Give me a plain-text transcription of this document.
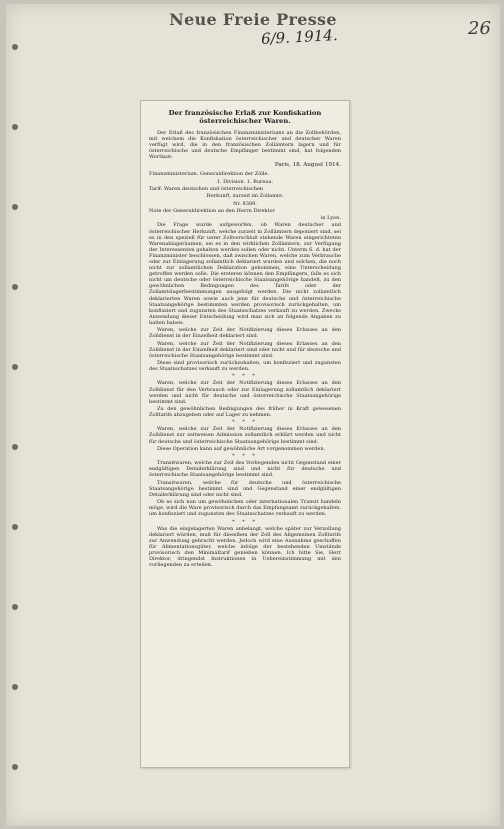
Neue Freie Presse
6/9. 1914.	26
Der französische Erlaß zur Konfiskation
österreichischer Waren.

Der Erlaß des französischen Finanzministeriums an die Zollbehörden, mit welchem die Konfiskation österreichischer und deutscher Waren verfügt wird, die in den französischen Zollämtern lagern und für österreichische und deutsche Empfänger bestimmt sind, hat folgenden Wortlaut:

Paris, 18. August 1914.

Finanzministerium. Generaldirektion der Zölle.

1. Division. 1. Bureau.

Tarif: Waren deutschen und österreichischen

Herkunft, zurzeit im Zollamte.

Nr. 8389.

Note der Generaldirektion an den Herrn Direktor

in Lyon.

Die Frage wurde aufgeworfen, ob Waren deutscher und österreichischer Herkunft, welche zurzeit in Zollämtern deponiert sind, sei es in den speziell für unter Zollverschluß stehende Waren eingerichteten Warenablageräumen, sei es in den wirklichen Zollämtern, zur Verfügung der Interessenten gehalten werden sollen oder nicht. Unterm 6. d. hat der Finanzminister beschlossen, daß zwischen Waren, welche zum Verbrauche oder zur Einlagerung zollamtlich deklariert wurden und solchen, die noch nicht zur zollamtlichen Deklaration gekommen, eine Unterscheidung getroffen werden solle. Die ersteren können den Empfängern, falls es sich nicht um deutsche oder österreichische Staatsangehörige handelt, zu den gewöhnlichen Bedingungen des Tarifs oder der Zollamtslagerbestimmungen ausgefolgt werden. Die nicht zollamtlich deklarierten Waren sowie auch jene für deutsche und österreichische Staatsangehörige bestimmten werden provisorisch zurückgehalten, um konfisziert und zugunsten des Staatsschatzes verkauft zu werden. Zwecks Anwendung dieser Entscheidung wird man sich an folgende Angaben zu halten haben:

Waren, welche zur Zeit der Notifizierung dieses Erlasses an den Zolldienst in der Einzelheit deklariert sind.

Waren, welche zur Zeit der Notifizierung dieses Erlasses an den Zolldienst in der Einzelheit deklariert sind oder nicht und für deutsche und österreichische Staatsangehörige bestimmt sind.

Diese sind provisorisch zurückzuhalten, um konfisziert und zugunsten des Staatsschatzes verkauft zu werden.

* * *

Waren, welche zur Zeit der Notifizierung dieses Erlasses an den Zolldienst für den Verbrauch oder zur Einlagerung zollamtlich deklariert werden und nicht für deutsche und österreichische Staatsangehörige bestimmt sind.

Zu den gewöhnlichen Bedingungen des früher in Kraft gewesenen Zolltarifs abzugeben oder auf Lager zu nehmen.

* * *

Waren, welche zur Zeit der Notifizierung dieses Erlasses an den Zolldienst zur zeitweisen Admission zollamtlich erklärt werden und nicht für deutsche und österreichische Staatsangehörige bestimmt sind.

Diese Operation kann auf gewöhnliche Art vorgenommen werden.

* * *

Transitwaren, welche zur Zeit des Vorliegenden nicht Gegenstand einer endgültigen Detailerklärung sind und nicht für deutsche und österreichische Staatsangehörige bestimmt sind.

Transitwaren, welche für deutsche und österreichische Staatsangehörige bestimmt sind und Gegenstand einer endgültigen Detailerklärung sind oder nicht sind.

Ob es sich nun um gewöhnlichen oder internationalen Transit handeln möge, wird die Ware provisorisch durch das Empfangsamt zurückgehalten, um konfisziert und zugunsten des Staatsschatzes verkauft zu werden.

* * *

Was die eingelagerten Waren anbelangt, welche später zur Verzollung deklariert würden, muß für dieselben der Zoll des Allgemeinen Zolltarifs zur Anwendung gebracht werden. Jedoch wird eine Ausnahme geschaffen für Alimentationsgüter, welche infolge der bestehenden Umstände provisorisch den Minimaltarif genießen können. Ich bitte Sie, Herr Direktor, dringendst Instruktionen in Uebereinstimmung mit den vorliegenden zu erteilen.
